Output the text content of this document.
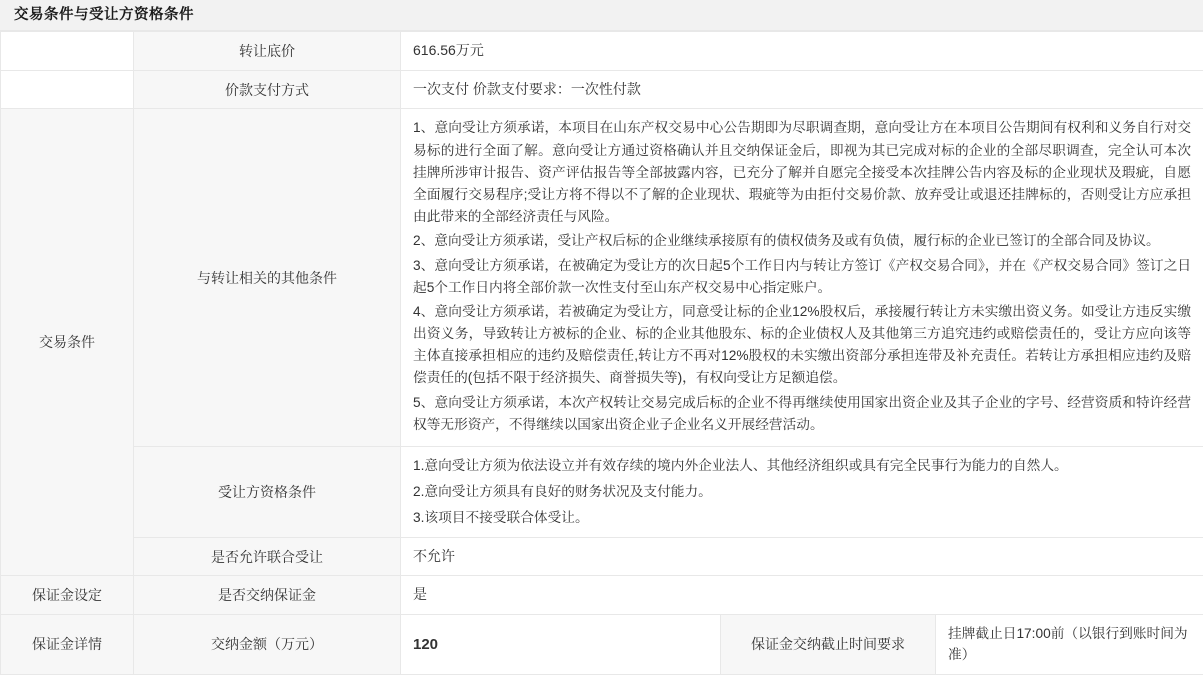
交易条件与受让方资格条件
	转让底价	616.56万元		
	价款支付方式	一次支付 价款支付要求：一次性付款		
交易条件	与转让相关的其他条件	1、意向受让方须承诺，本项目在山东产权交易中心公告期即为尽职调查期，意向受让方在本项目公告期间有权利和义务自行对交易标的进行全面了解。意向受让方通过资格确认并且交纳保证金后，即视为其已完成对标的企业的全部尽职调查，完全认可本次挂牌所涉审计报告、资产评估报告等全部披露内容，已充分了解并自愿完全接受本次挂牌公告内容及标的企业现状及瑕疵，自愿全面履行交易程序;受让方将不得以不了解的企业现状、瑕疵等为由拒付交易价款、放弃受让或退还挂牌标的，否则受让方应承担由此带来的全部经济责任与风险。

2、意向受让方须承诺，受让产权后标的企业继续承接原有的债权债务及或有负债，履行标的企业已签订的全部合同及协议。

3、意向受让方须承诺，在被确定为受让方的次日起5个工作日内与转让方签订《产权交易合同》，并在《产权交易合同》签订之日起5个工作日内将全部价款一次性支付至山东产权交易中心指定账户。

4、意向受让方须承诺，若被确定为受让方，同意受让标的企业12%股权后，承接履行转让方未实缴出资义务。如受让方违反实缴出资义务，导致转让方被标的企业、标的企业其他股东、标的企业债权人及其他第三方追究违约或赔偿责任的，受让方应向该等主体直接承担相应的违约及赔偿责任,转让方不再对12%股权的未实缴出资部分承担连带及补充责任。若转让方承担相应违约及赔偿责任的(包括不限于经济损失、商誉损失等)，有权向受让方足额追偿。

5、意向受让方须承诺，本次产权转让交易完成后标的企业不得再继续使用国家出资企业及其子企业的字号、经营资质和特许经营权等无形资产，不得继续以国家出资企业子企业名义开展经营活动。		

	受让方资格条件	1.意向受让方须为依法设立并有效存续的境内外企业法人、其他经济组织或具有完全民事行为能力的自然人。

2.意向受让方须具有良好的财务状况及支付能力。

3.该项目不接受联合体受让。		

	是否允许联合受让	不允许		
保证金设定	是否交纳保证金	是		
保证金详情	交纳金额（万元）	120	保证金交纳截止时间要求	挂牌截止日17:00前（以银行到账时间为准）
